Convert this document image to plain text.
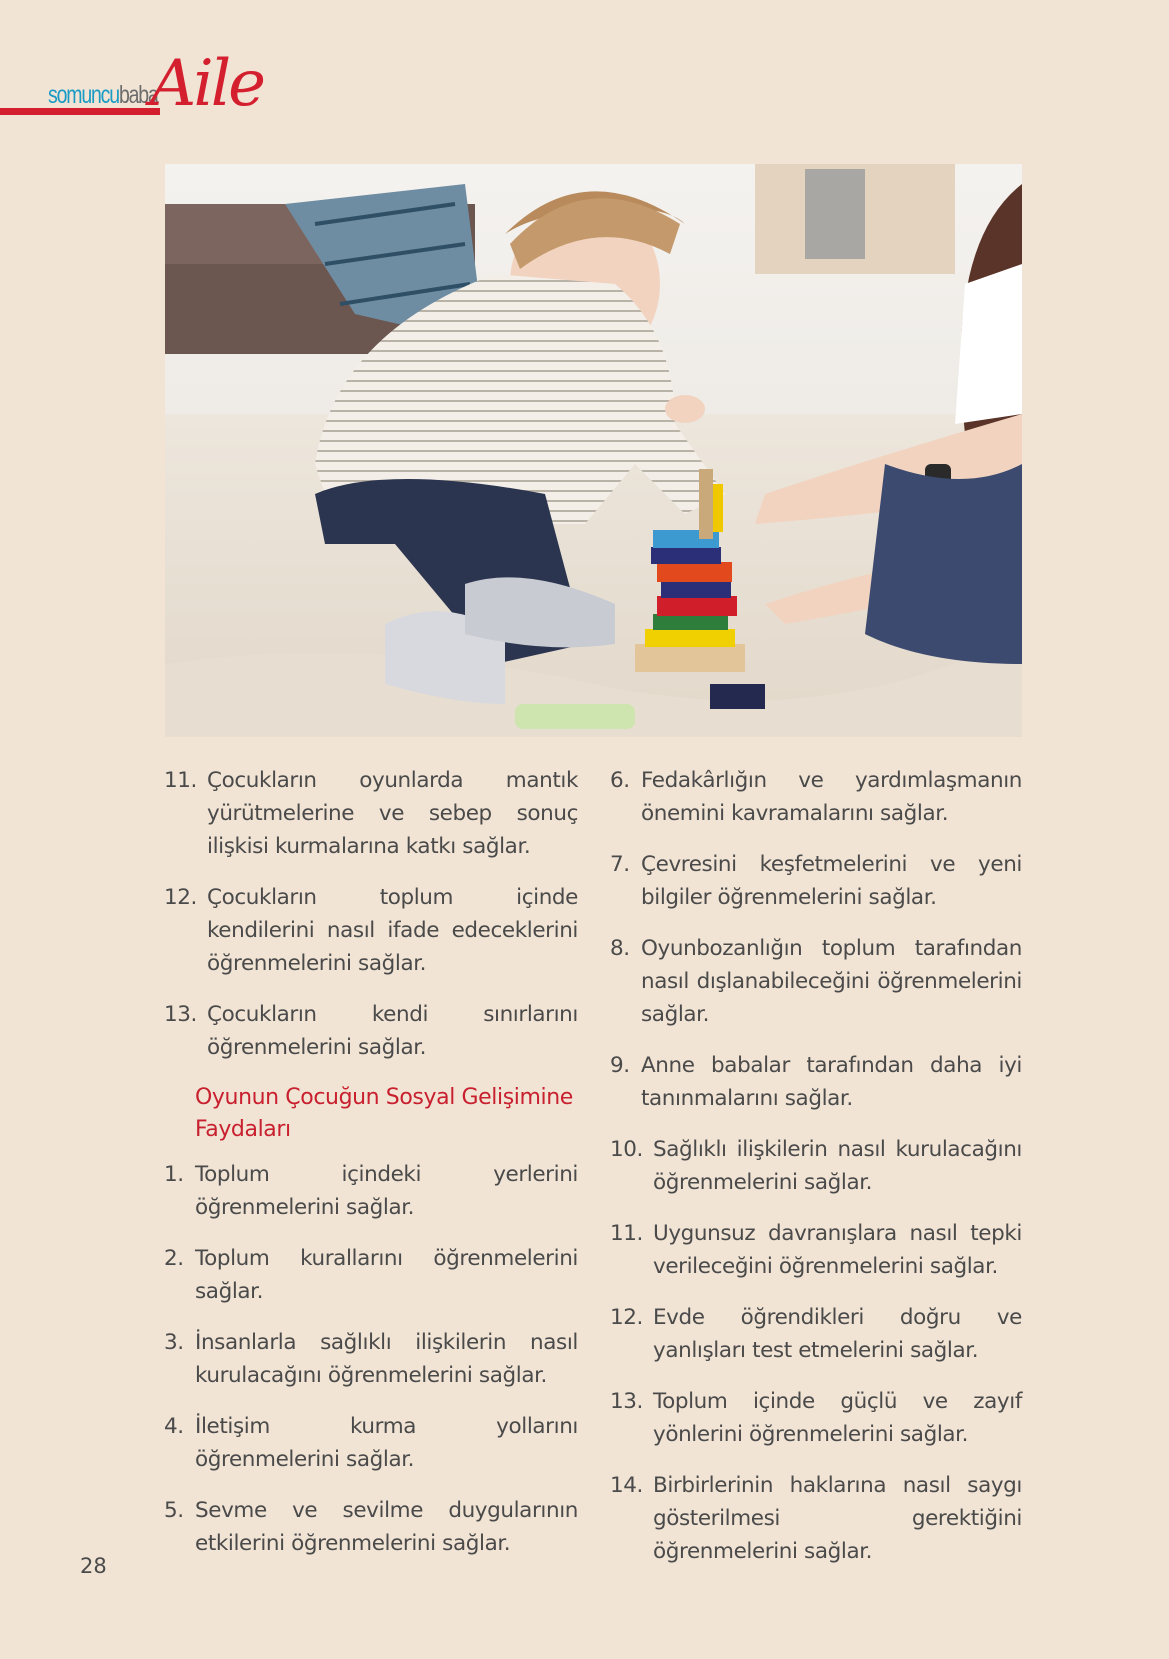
somuncubaba
Aile
11. Çocukların oyunlarda mantık yürütmelerine ve sebep sonuç ilişkisi kurmalarına katkı sağlar.
12. Çocukların toplum içinde kendilerini nasıl ifade edeceklerini öğrenmelerini sağlar.
13. Çocukların kendi sınırlarını öğrenmelerini sağlar.
Oyunun Çocuğun Sosyal Gelişimine Faydaları
1. Toplum içindeki yerlerini öğrenmelerini sağlar.
2. Toplum kurallarını öğrenmelerini sağlar.
3. İnsanlarla sağlıklı ilişkilerin nasıl kurulacağını öğrenmelerini sağlar.
4. İletişim kurma yollarını öğrenmelerini sağlar.
5. Sevme ve sevilme duygularının etkilerini öğrenmelerini sağlar.
6. Fedakârlığın ve yardımlaşmanın önemini kavramalarını sağlar.
7. Çevresini keşfetmelerini ve yeni bilgiler öğrenmelerini sağlar.
8. Oyunbozanlığın toplum tarafından nasıl dışlanabileceğini öğrenmelerini sağlar.
9. Anne babalar tarafından daha iyi tanınmalarını sağlar.
10. Sağlıklı ilişkilerin nasıl kurulacağını öğrenmelerini sağlar.
11. Uygunsuz davranışlara nasıl tepki verileceğini öğrenmelerini sağlar.
12. Evde öğrendikleri doğru ve yanlışları test etmelerini sağlar.
13. Toplum içinde güçlü ve zayıf yönlerini öğrenmelerini sağlar.
14. Birbirlerinin haklarına nasıl saygı gösterilmesi gerektiğini öğrenmelerini sağlar.
28
